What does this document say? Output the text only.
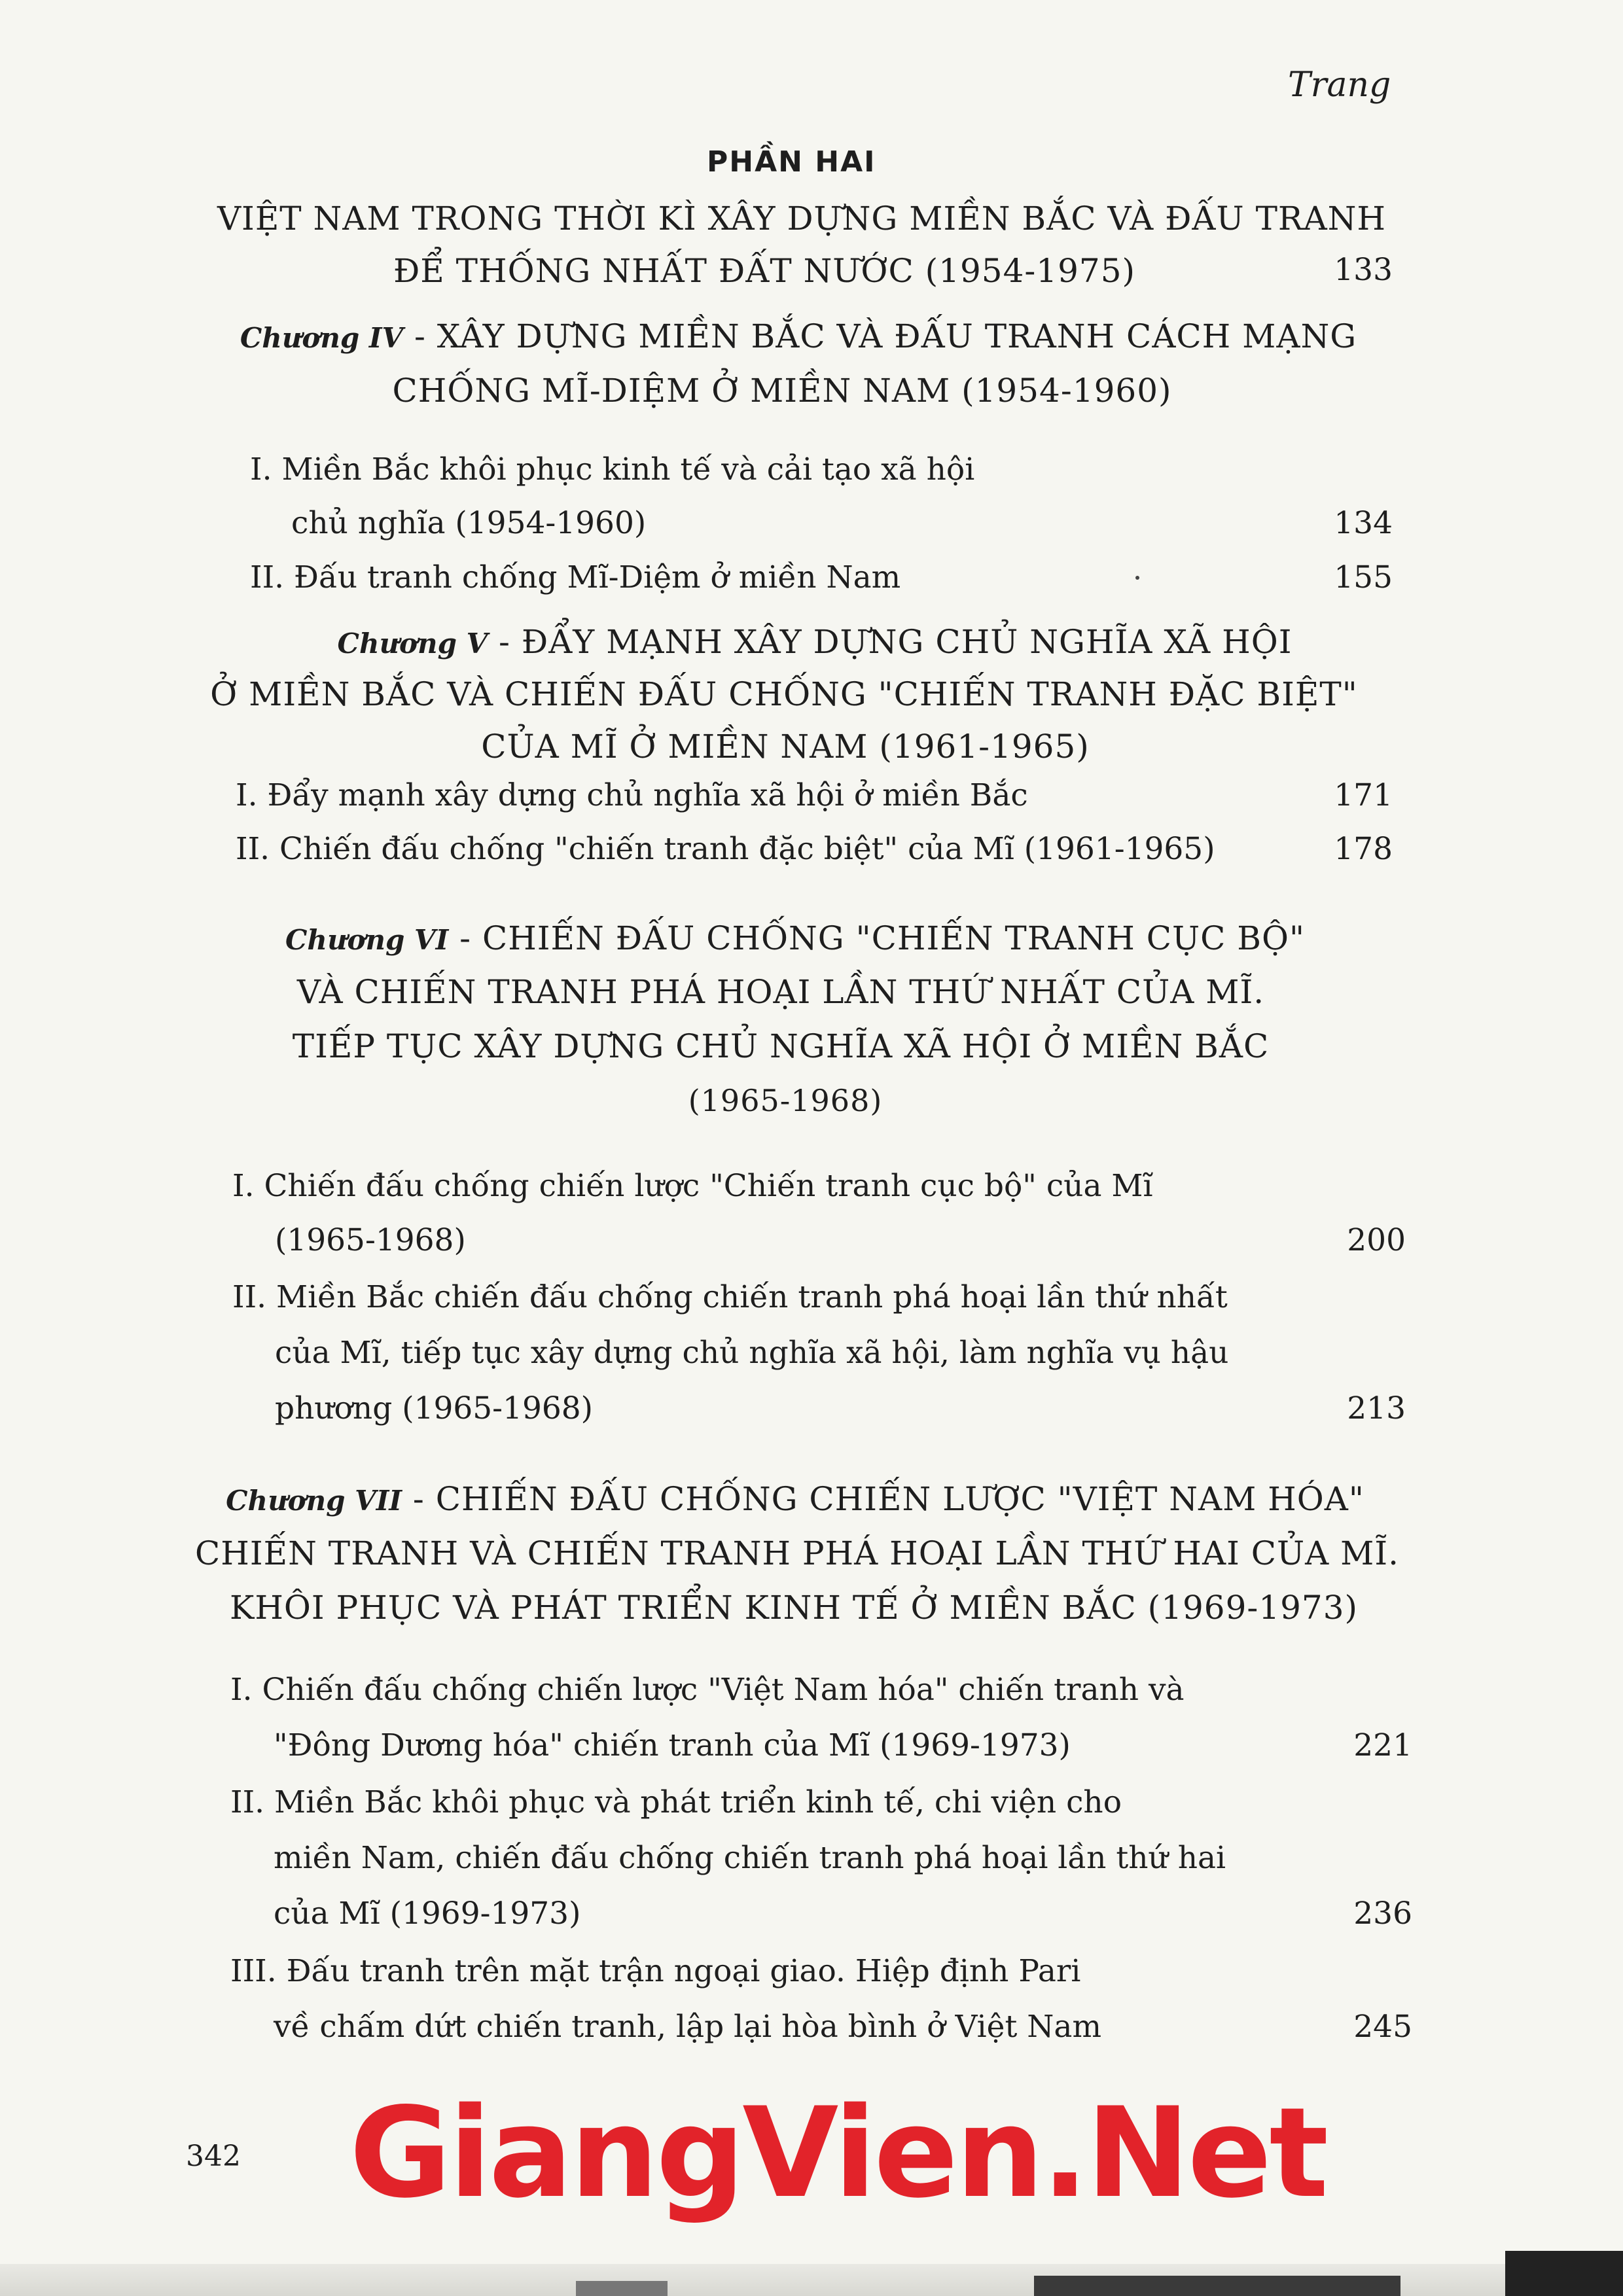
Trang
PHẦN HAI
VIỆT NAM TRONG THỜI KÌ XÂY DỰNG MIỀN BẮC VÀ ĐẤU TRANH
ĐỂ THỐNG NHẤT ĐẤT NƯỚC (1954-1975)	133
Chương IV - XÂY DỰNG MIỀN BẮC VÀ ĐẤU TRANH CÁCH MẠNG
CHỐNG MĨ-DIỆM Ở MIỀN NAM (1954-1960)
I. Miền Bắc khôi phục kinh tế và cải tạo xã hội
chủ nghĩa (1954-1960)	134
II. Đấu tranh chống Mĩ-Diệm ở miền Nam	155
Chương V - ĐẨY MẠNH XÂY DỰNG CHỦ NGHĨA XÃ HỘI
Ở MIỀN BẮC VÀ CHIẾN ĐẤU CHỐNG "CHIẾN TRANH ĐẶC BIỆT"
CỦA MĨ Ở MIỀN NAM (1961-1965)
I. Đẩy mạnh xây dựng chủ nghĩa xã hội ở miền Bắc	171
II. Chiến đấu chống "chiến tranh đặc biệt" của Mĩ (1961-1965)	178
Chương VI - CHIẾN ĐẤU CHỐNG "CHIẾN TRANH CỤC BỘ"
VÀ CHIẾN TRANH PHÁ HOẠI LẦN THỨ NHẤT CỦA MĨ.
TIẾP TỤC XÂY DỰNG CHỦ NGHĨA XÃ HỘI Ở MIỀN BẮC
(1965-1968)
I. Chiến đấu chống chiến lược "Chiến tranh cục bộ" của Mĩ
(1965-1968)	200
II. Miền Bắc chiến đấu chống chiến tranh phá hoại lần thứ nhất
của Mĩ, tiếp tục xây dựng chủ nghĩa xã hội, làm nghĩa vụ hậu
phương (1965-1968)	213
Chương VII - CHIẾN ĐẤU CHỐNG CHIẾN LƯỢC "VIỆT NAM HÓA"
CHIẾN TRANH VÀ CHIẾN TRANH PHÁ HOẠI LẦN THỨ HAI CỦA MĨ.
KHÔI PHỤC VÀ PHÁT TRIỂN KINH TẾ Ở MIỀN BẮC (1969-1973)
I. Chiến đấu chống chiến lược "Việt Nam hóa" chiến tranh và
"Đông Dương hóa" chiến tranh của Mĩ (1969-1973)	221
II. Miền Bắc khôi phục và phát triển kinh tế, chi viện cho
miền Nam, chiến đấu chống chiến tranh phá hoại lần thứ hai
của Mĩ (1969-1973)	236
III. Đấu tranh trên mặt trận ngoại giao. Hiệp định Pari
về chấm dứt chiến tranh, lập lại hòa bình ở Việt Nam	245
342 GiangVien.Net
